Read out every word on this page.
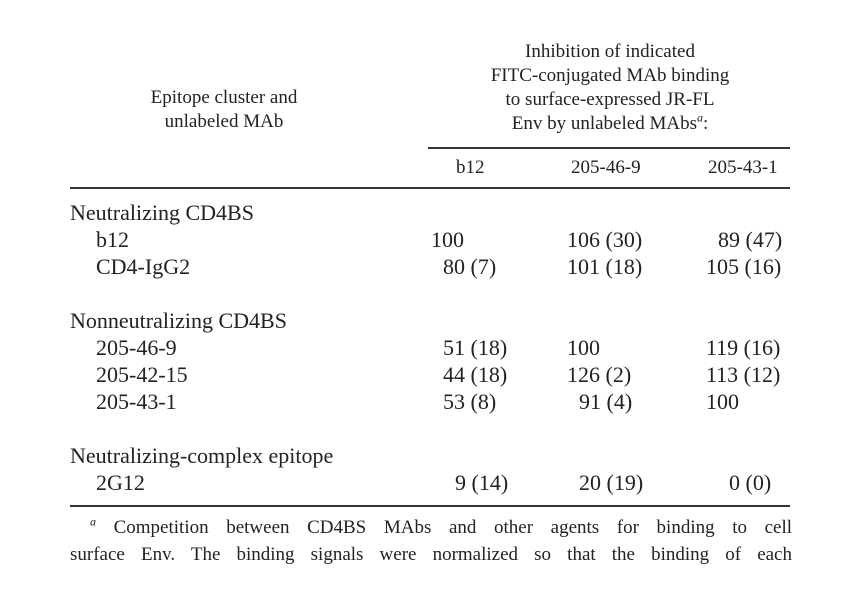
Epitope cluster and
unlabeled MAb
Inhibition of indicated
FITC-conjugated MAb binding
to surface-expressed JR-FL
Env by unlabeled MAbs$^a$:
b12	205-46-9	205-43-1
Neutralizing CD4BS
b12	100	106 (30)	89 (47)
CD4-IgG2	80 (7)	101 (18)	105 (16)
Nonneutralizing CD4BS
205-46-9	51 (18)	100	119 (16)
205-42-15	44 (18)	126 (2)	113 (12)
205-43-1	53 (8)	91 (4)	100
Neutralizing-complex epitope
2G12	9 (14)	20 (19)	0 (0)
$^a$ Competition between CD4BS MAbs and other agents for binding to cell
surface Env. The binding signals were normalized so that the binding of each
